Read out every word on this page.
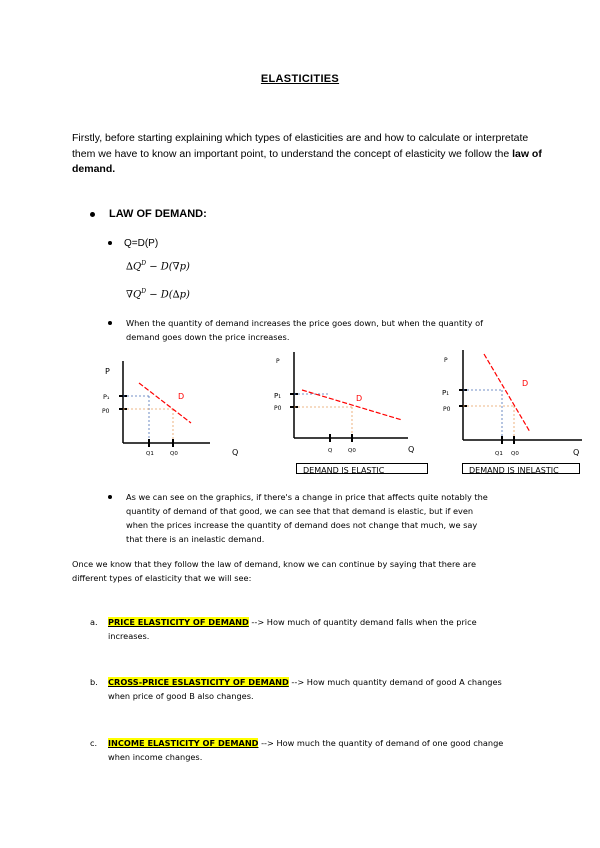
ELASTICITIES
Firstly, before starting explaining which types of elasticities are and how to calculate or interpretate them we have to know an important point, to understand the concept of elasticity we follow the law of demand.
LAW OF DEMAND:
Q=D(P)
$\Delta Q^D - D(\nabla p)$
$\nabla Q^D - D(\Delta p)$
When the quantity of demand increases the price goes down, but when the quantity of
demand goes down the price increases.
P
P₁
P0
D
Q1	Q0	Q
P
P₁
P0
D
Q	Q0	Q
DEMAND IS ELASTIC
P
P₁
P0
D
Q1 Q0	Q
DEMAND IS INELASTIC
As we can see on the graphics, if there's a change in price that affects quite notably the
quantity of demand of that good, we can see that that demand is elastic, but if even
when the prices increase the quantity of demand does not change that much, we say
that there is an inelastic demand.
Once we know that they follow the law of demand, know we can continue by saying that there are
different types of elasticity that we will see:
a. PRICE ELASTICITY OF DEMAND --> How much of quantity demand falls when the price
increases.
b. CROSS-PRICE ESLASTICITY OF DEMAND --> How much quantity demand of good A changes
when price of good B also changes.
c. INCOME ELASTICITY OF DEMAND --> How much the quantity of demand of one good change
when income changes.
